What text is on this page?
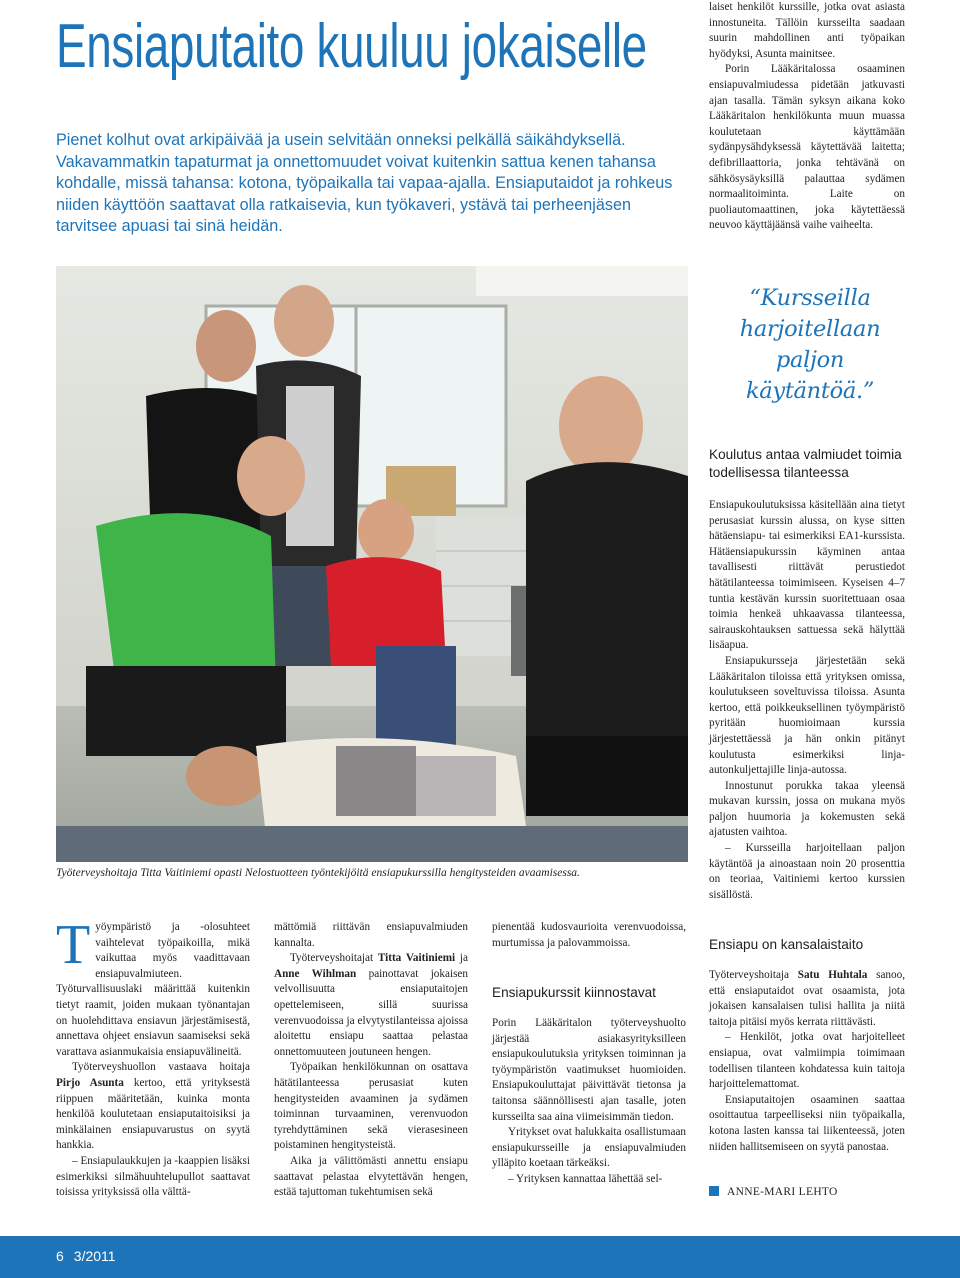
Ensiaputaito kuuluu jokaiselle
Pienet kolhut ovat arkipäivää ja usein selvitään onneksi pelkällä säikähdyksellä. Vakavammatkin tapaturmat ja onnettomuudet voivat kuitenkin sattua kenen tahansa kohdalle, missä tahansa: kotona, työpaikalla tai vapaa-ajalla. Ensiaputaidot ja rohkeus niiden käyttöön saattavat olla ratkaisevia, kun työkaveri, ystävä tai perheenjäsen tarvitsee apuasi tai sinä heidän.

laiset henkilöt kurssille, jotka ovat asiasta innostuneita. Tällöin kursseilta saadaan suurin mahdollinen anti työpaikan hyödyksi, Asunta mainitsee.

Porin Lääkäritalossa osaaminen ensiapuvalmiudessa pidetään jatkuvasti ajan tasalla. Tämän syksyn aikana koko Lääkäritalon henkilökunta muun muassa koulutetaan käyttämään sydänpysähdyksessä käytettävää laitetta; defibrillaattoria, jonka tehtävänä on sähkösysäyksillä palauttaa sydämen normaalitoiminta. Laite on puoliautomaattinen, joka käytettäessä neuvoo käyttäjäänsä vaihe vaiheelta.

Työterveyshoitaja Titta Vaitiniemi opasti Nelostuotteen työntekijöitä ensiapukurssilla hengitysteiden avaamisessa.
“Kursseilla harjoitellaan paljon käytäntöä.”
Koulutus antaa valmiudet toimia todellisessa tilanteessa

Ensiapukoulutuksissa käsitellään aina tietyt perusasiat kurssin alussa, on kyse sitten hätäensiapu- tai esimerkiksi EA1-kurssista. Hätäensiapukurssin käyminen antaa tavallisesti riittävät perustiedot hätätilanteessa toimimiseen. Kyseisen 4–7 tuntia kestävän kurssin suoritettuaan osaa toimia henkeä uhkaavassa tilanteessa, sairauskohtauksen sattuessa sekä hälyttää lisäapua.

Ensiapukursseja järjestetään sekä Lääkäritalon tiloissa että yrityksen omissa, koulutukseen soveltuvissa tiloissa. Asunta kertoo, että poikkeuksellinen työympäristö pyritään huomioimaan kurssia järjestettäessä ja hän onkin pitänyt koulutusta esimerkiksi linja-autonkuljettajille linja-autossa.

Innostunut porukka takaa yleensä mukavan kurssin, jossa on mukana myös paljon huumoria ja kokemusten sekä ajatusten vaihtoa.

– Kursseilla harjoitellaan paljon käytäntöä ja ainoastaan noin 20 prosenttia on teoriaa, Vaitiniemi kertoo kurssien sisällöstä.

Työympäristö ja -olosuhteet vaihtelevat työpaikoilla, mikä vaikuttaa myös vaadittavaan ensiapuvalmiuteen. Työturvallisuuslaki määrittää kuitenkin tietyt raamit, joiden mukaan työnantajan on huolehdittava ensiavun järjestämisestä, annettava ohjeet ensiavun saamiseksi sekä varattava asianmukaisia ensiapuvälineitä.

Työterveyshuollon vastaava hoitaja Pirjo Asunta kertoo, että yrityksestä riippuen määritetään, kuinka monta henkilöä koulutetaan ensiaputaitoisiksi ja minkälainen ensiapuvarustus on syytä hankkia.

– Ensiapulaukkujen ja -kaappien lisäksi esimerkiksi silmähuuhtelupullot saattavat toisissa yrityksissä olla välttä-

mättömiä riittävän ensiapuvalmiuden kannalta.

Työterveyshoitajat Titta Vaitiniemi ja Anne Wihlman painottavat jokaisen velvollisuutta ensiaputaitojen opettelemiseen, sillä suurissa verenvuodoissa ja elvytystilanteissa ajoissa aloitettu ensiapu saattaa pelastaa onnettomuuteen joutuneen hengen.

Työpaikan henkilökunnan on osattava hätätilanteessa perusasiat kuten hengitysteiden avaaminen ja sydämen toiminnan turvaaminen, verenvuodon tyrehdyttäminen sekä vierasesineen poistaminen hengitysteistä.

Aika ja välittömästi annettu ensiapu saattavat pelastaa elvytettävän hengen, estää tajuttoman tukehtumisen sekä

pienentää kudosvaurioita verenvuodoissa, murtumissa ja palovammoissa.

Ensiapukurssit kiinnostavat

Porin Lääkäritalon työterveyshuolto järjestää asiakasyrityksilleen ensiapukoulutuksia yrityksen toiminnan ja työympäristön vaatimukset huomioiden. Ensiapukouluttajat päivittävät tietonsa ja taitonsa säännöllisesti ajan tasalle, joten kursseilta saa aina viimeisimmän tiedon.

Yritykset ovat halukkaita osallistumaan ensiapukursseille ja ensiapuvalmiuden ylläpito koetaan tärkeäksi.

– Yrityksen kannattaa lähettää sel-

Ensiapu on kansalaistaito

Työterveyshoitaja Satu Huhtala sanoo, että ensiaputaidot ovat osaamista, jota jokaisen kansalaisen tulisi hallita ja niitä taitoja pitäisi myös kerrata riittävästi.

– Henkilöt, jotka ovat harjoitelleet ensiapua, ovat valmiimpia toimimaan todellisen tilanteen kohdatessa kuin taitoja harjoittelemattomat.

Ensiaputaitojen osaaminen saattaa osoittautua tarpeelliseksi niin työpaikalla, kotona lasten kanssa tai liikenteessä, joten niiden hallitsemiseen on syytä panostaa.

ANNE-MARI LEHTO
6 3/2011
